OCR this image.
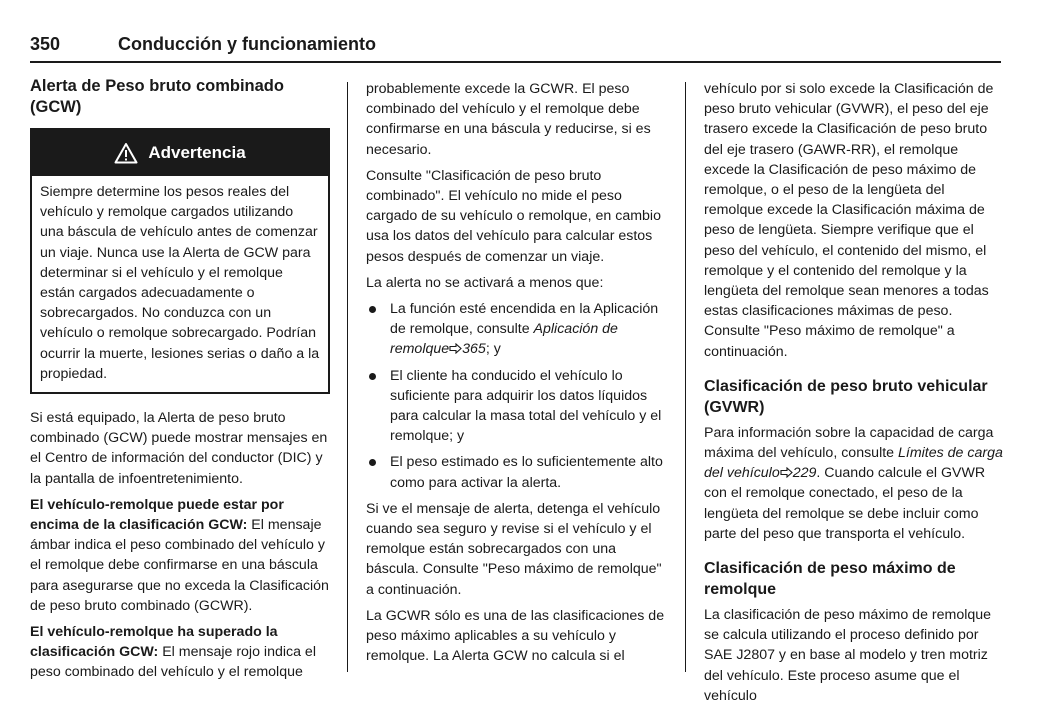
350	Conducción y funcionamiento
Alerta de Peso bruto combinado (GCW)
Advertencia
Siempre determine los pesos reales del vehículo y remolque cargados utilizando una báscula de vehículo antes de comenzar un viaje. Nunca use la Alerta de GCW para determinar si el vehículo y el remolque están cargados adecuadamente o sobrecargados. No conduzca con un vehículo o remolque sobrecargado. Podrían ocurrir la muerte, lesiones serias o daño a la propiedad.

Si está equipado, la Alerta de peso bruto combinado (GCW) puede mostrar mensajes en el Centro de información del conductor (DIC) y la pantalla de infoentretenimiento.

El vehículo-remolque puede estar por encima de la clasificación GCW: El mensaje ámbar indica el peso combinado del vehículo y el remolque debe confirmarse en una báscula para asegurarse que no exceda la Clasificación de peso bruto combinado (GCWR).

El vehículo-remolque ha superado la clasificación GCW: El mensaje rojo indica el peso combinado del vehículo y el remolque

probablemente excede la GCWR. El peso combinado del vehículo y el remolque debe confirmarse en una báscula y reducirse, si es necesario.

Consulte "Clasificación de peso bruto combinado". El vehículo no mide el peso cargado de su vehículo o remolque, en cambio usa los datos del vehículo para calcular estos pesos después de comenzar un viaje.

La alerta no se activará a menos que:

La función esté encendida en la Aplicación de remolque, consulte Aplicación de remolque 365; y
El cliente ha conducido el vehículo lo suficiente para adquirir los datos líquidos para calcular la masa total del vehículo y el remolque; y
El peso estimado es lo suficientemente alto como para activar la alerta.

Si ve el mensaje de alerta, detenga el vehículo cuando sea seguro y revise si el vehículo y el remolque están sobrecargados con una báscula. Consulte "Peso máximo de remolque" a continuación.

La GCWR sólo es una de las clasificaciones de peso máximo aplicables a su vehículo y remolque. La Alerta GCW no calcula si el

vehículo por si solo excede la Clasificación de peso bruto vehicular (GVWR), el peso del eje trasero excede la Clasificación de peso bruto del eje trasero (GAWR-RR), el remolque excede la Clasificación de peso máximo de remolque, o el peso de la lengüeta del remolque excede la Clasificación máxima de peso de lengüeta. Siempre verifique que el peso del vehículo, el contenido del mismo, el remolque y el contenido del remolque y la lengüeta del remolque sean menores a todas estas clasificaciones máximas de peso. Consulte "Peso máximo de remolque" a continuación.

Clasificación de peso bruto vehicular (GVWR)

Para información sobre la capacidad de carga máxima del vehículo, consulte Límites de carga del vehículo 229. Cuando calcule el GVWR con el remolque conectado, el peso de la lengüeta del remolque se debe incluir como parte del peso que transporta el vehículo.

Clasificación de peso máximo de remolque

La clasificación de peso máximo de remolque se calcula utilizando el proceso definido por SAE J2807 y en base al modelo y tren motriz del vehículo. Este proceso asume que el vehículo
